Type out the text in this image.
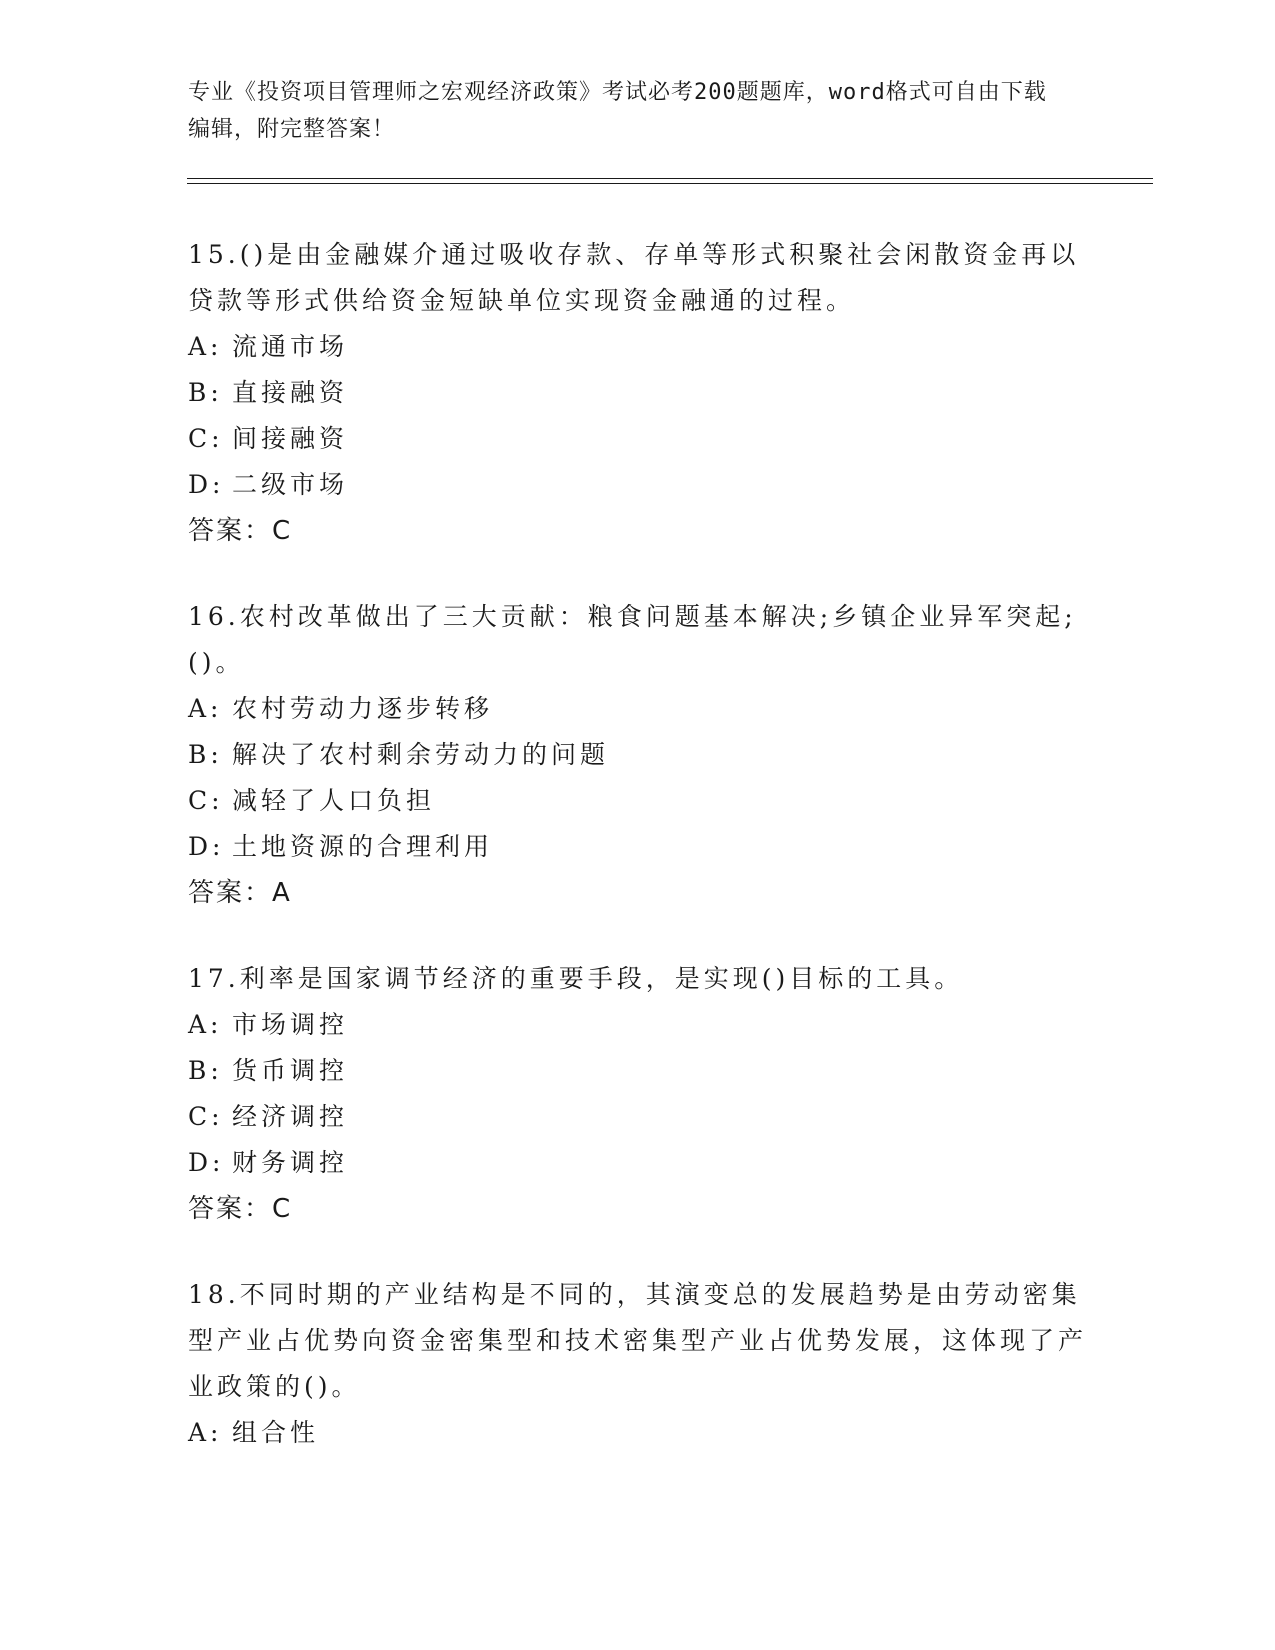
专业《投资项目管理师之宏观经济政策》考试必考200题题库，word格式可自由下载编辑，附完整答案！

15.()是由金融媒介通过吸收存款、存单等形式积聚社会闲散资金再以贷款等形式供给资金短缺单位实现资金融通的过程。

A: 流通市场
B: 直接融资
C: 间接融资
D: 二级市场

答案：C

16.农村改革做出了三大贡献：粮食问题基本解决;乡镇企业异军突起;()。

A: 农村劳动力逐步转移
B: 解决了农村剩余劳动力的问题
C: 减轻了人口负担
D: 土地资源的合理利用

答案：A

17.利率是国家调节经济的重要手段，是实现()目标的工具。

A: 市场调控
B: 货币调控
C: 经济调控
D: 财务调控

答案：C

18.不同时期的产业结构是不同的，其演变总的发展趋势是由劳动密集型产业占优势向资金密集型和技术密集型产业占优势发展，这体现了产业政策的()。

A: 组合性
